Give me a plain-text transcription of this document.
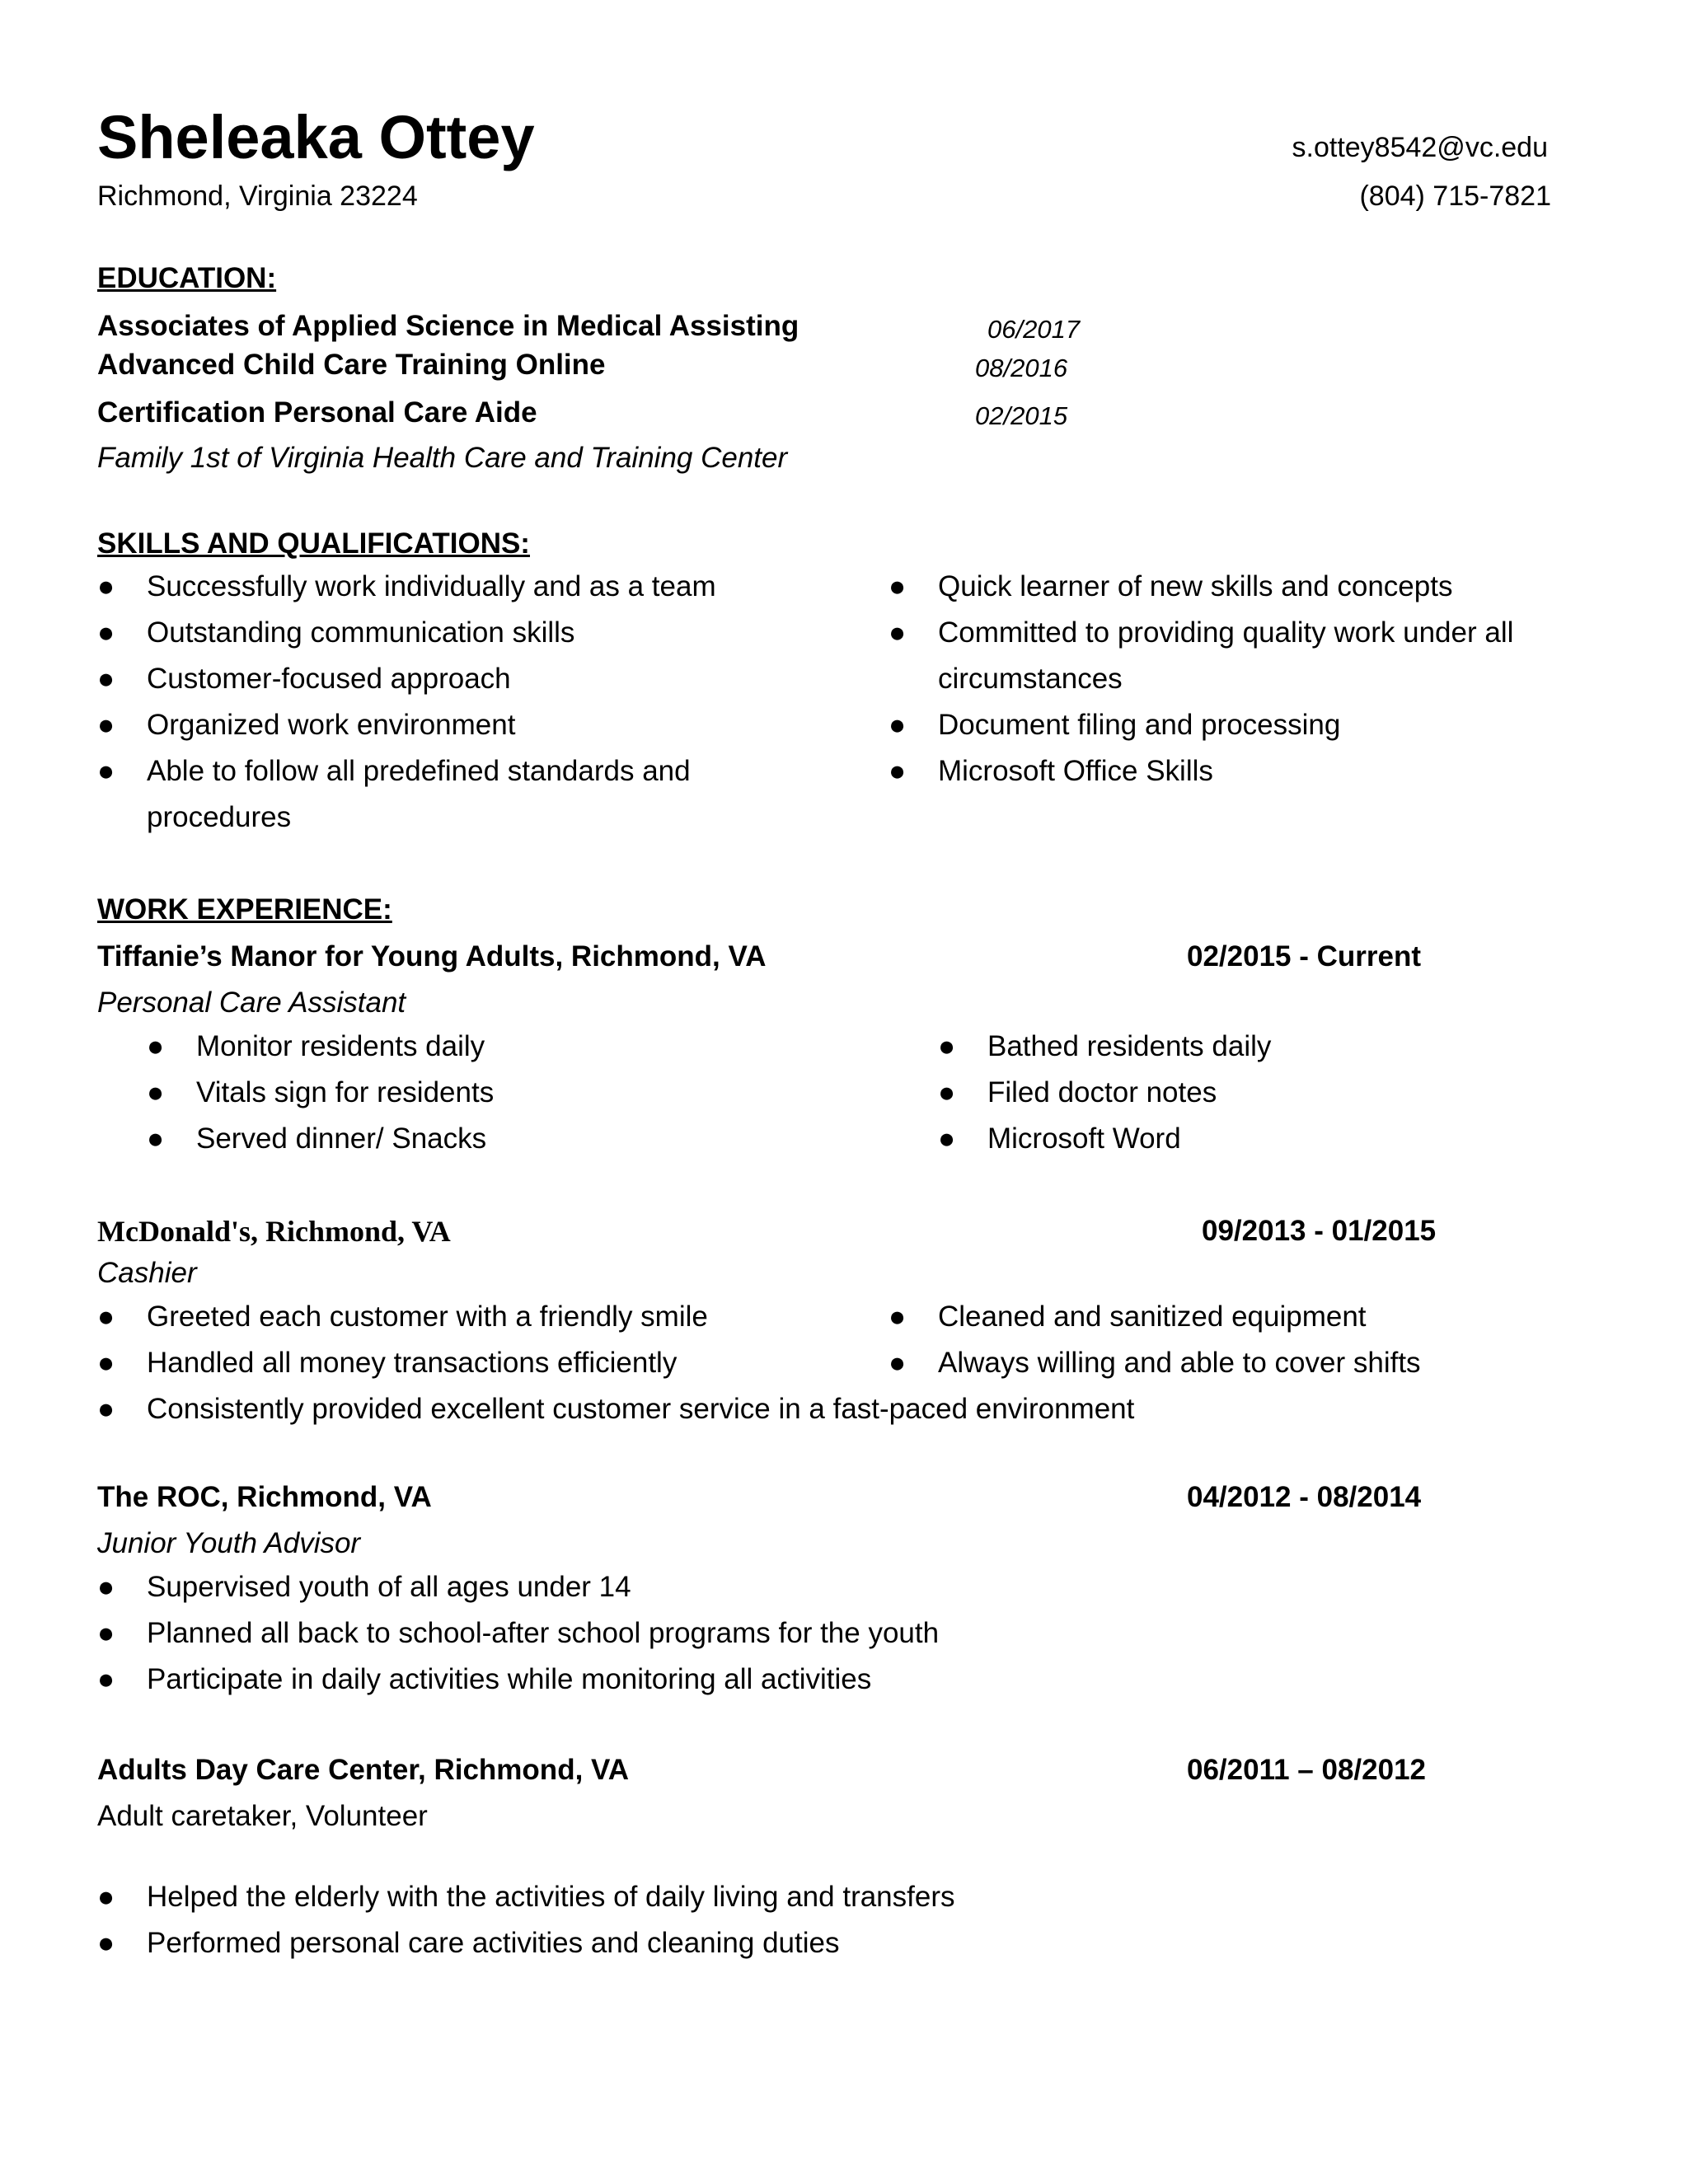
Sheleaka Ottey	s.ottey8542@vc.edu
Richmond, Virginia 23224	(804) 715-7821
EDUCATION:
Associates of Applied Science in Medical Assisting	06/2017
Advanced Child Care Training Online	08/2016
Certification Personal Care Aide	02/2015
Family 1st of Virginia Health Care and Training Center
SKILLS AND QUALIFICATIONS:
● Successfully work individually and as a team
● Outstanding communication skills
● Customer-focused approach
● Organized work environment
● Able to follow all predefined standards and procedures
● Quick learner of new skills and concepts
● Committed to providing quality work under all circumstances
● Document filing and processing
● Microsoft Office Skills
WORK EXPERIENCE:
Tiffanie’s Manor for Young Adults, Richmond, VA	02/2015 - Current
Personal Care Assistant
● Monitor residents daily
● Vitals sign for residents
● Served dinner/ Snacks
● Bathed residents daily
● Filed doctor notes
● Microsoft Word
McDonald's, Richmond, VA	09/2013 - 01/2015
Cashier
● Greeted each customer with a friendly smile
● Handled all money transactions efficiently
● Cleaned and sanitized equipment
● Always willing and able to cover shifts
● Consistently provided excellent customer service in a fast-paced environment
The ROC, Richmond, VA	04/2012 - 08/2014
Junior Youth Advisor
● Supervised youth of all ages under 14
● Planned all back to school-after school programs for the youth
● Participate in daily activities while monitoring all activities
Adults Day Care Center, Richmond, VA	06/2011 – 08/2012
Adult caretaker, Volunteer
● Helped the elderly with the activities of daily living and transfers
● Performed personal care activities and cleaning duties
